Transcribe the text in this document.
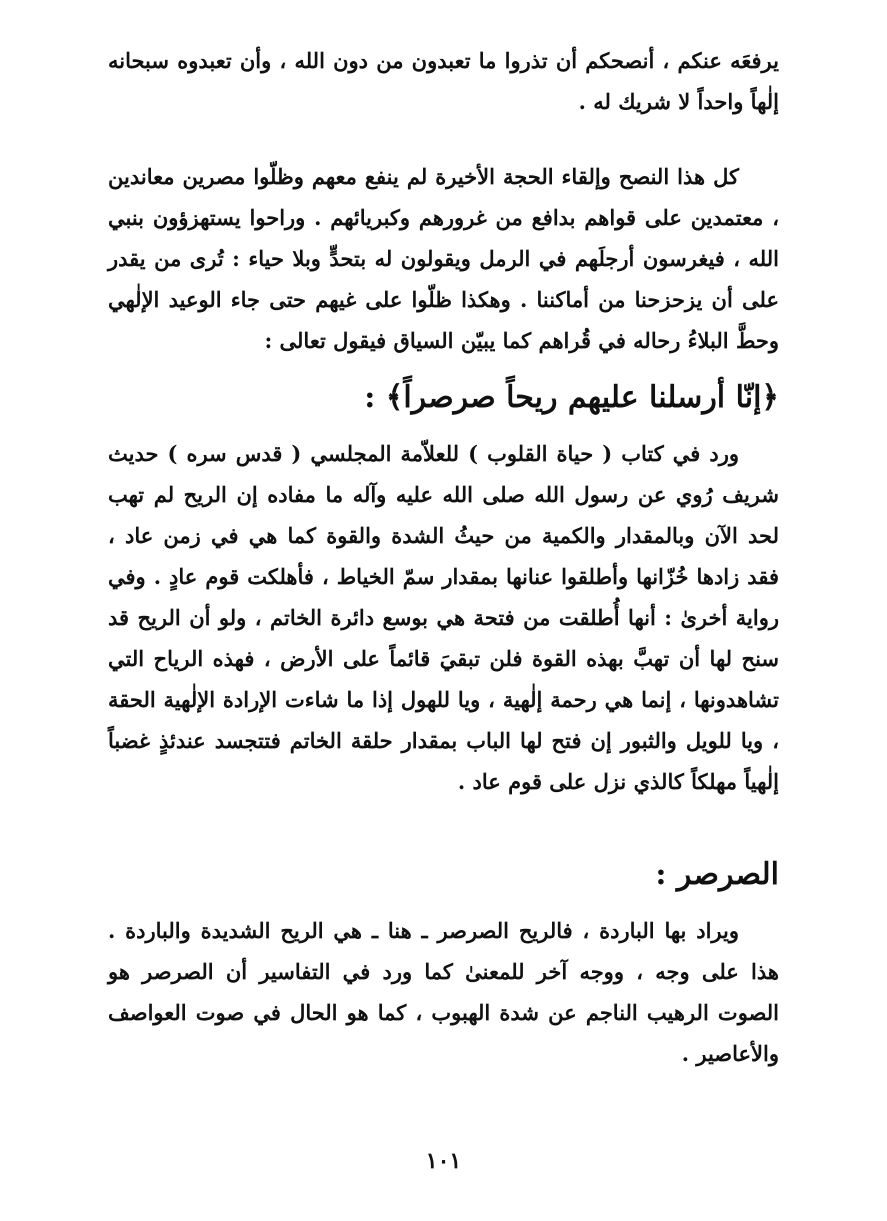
يرفعَه عنكم ، أنصحكم أن تذروا ما تعبدون من دون الله ، وأن تعبدوه سبحانه إلٰهاً واحداً لا شريك له .

كل هذا النصح وإلقاء الحجة الأخيرة لم ينفع معهم وظلّوا مصرين معاندين ، معتمدين على قواهم بدافع من غرورهم وكبريائهم . وراحوا يستهزؤون بنبي الله ، فيغرسون أرجلَهم في الرمل ويقولون له بتحدٍّ وبلا حياء : تُرى من يقدر على أن يزحزحنا من أماكننا . وهكذا ظلّوا على غيهم حتى جاء الوعيد الإلٰهي وحطَّ البلاءُ رحاله في قُراهم كما يبيّن السياق فيقول تعالى :

﴿إنّا أرسلنا عليهم ريحاً صرصراً﴾ :

ورد في كتاب ( حياة القلوب ) للعلاّمة المجلسي ( قدس سره ) حديث شريف رُوي عن رسول الله صلى الله عليه وآله ما مفاده إن الريح لم تهب لحد الآن وبالمقدار والكمية من حيثُ الشدة والقوة كما هي في زمن عاد ، فقد زادها خُزّانها وأطلقوا عنانها بمقدار سمّ الخياط ، فأهلكت قوم عادٍ . وفي رواية أخرىٰ : أنها أُطلقت من فتحة هي بوسع دائرة الخاتم ، ولو أن الريح قد سنح لها أن تهبَّ بهذه القوة فلن تبقيَ قائماً على الأرض ، فهذه الرياح التي تشاهدونها ، إنما هي رحمة إلٰهية ، ويا للهول إذا ما شاءت الإرادة الإلٰهية الحقة ، ويا للويل والثبور إن فتح لها الباب بمقدار حلقة الخاتم فتتجسد عندئذٍ غضباً إلٰهياً مهلكاً كالذي نزل على قوم عاد .

الصرصر :

ويراد بها الباردة ، فالريح الصرصر ـ هنا ـ هي الريح الشديدة والباردة . هذا على وجه ، ووجه آخر للمعنىٰ كما ورد في التفاسير أن الصرصر هو الصوت الرهيب الناجم عن شدة الهبوب ، كما هو الحال في صوت العواصف والأعاصير .

١٠١
